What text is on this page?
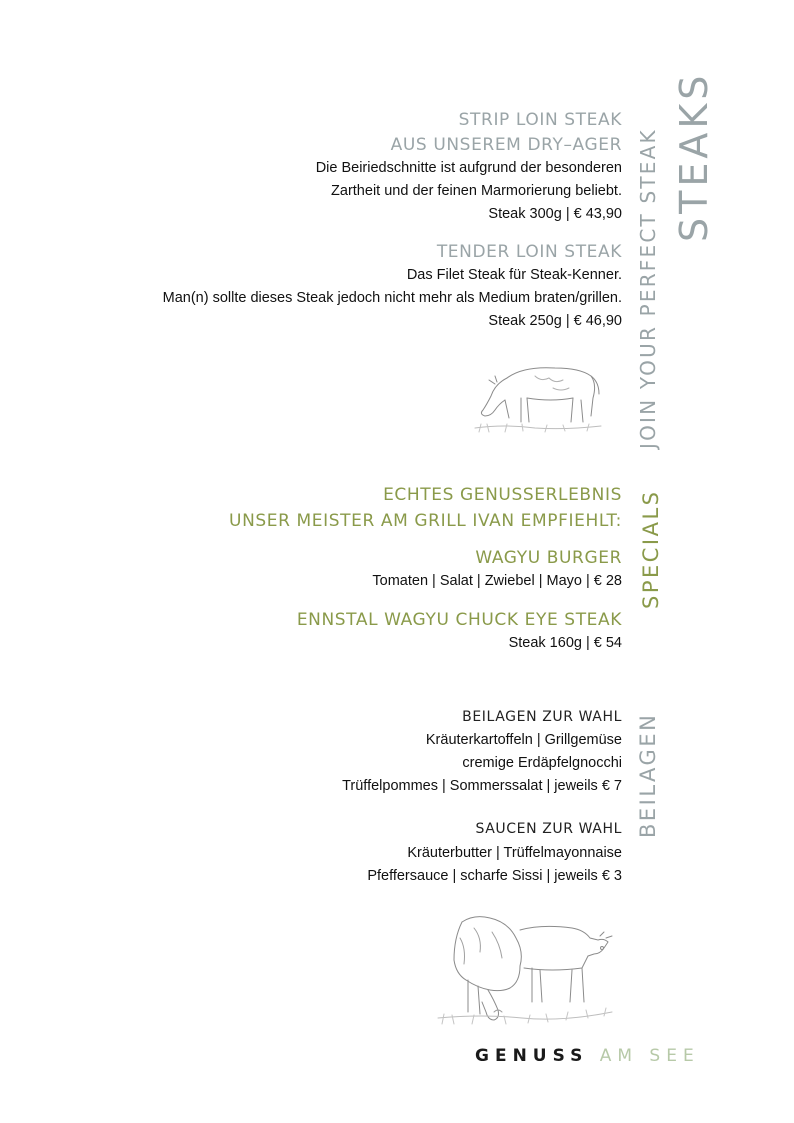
STRIP LOIN STEAK
AUS UNSEREM DRY–AGER
Die Beiriedschnitte ist aufgrund der besonderen
Zartheit und der feinen Marmorierung beliebt.
Steak 300g | € 43,90
TENDER LOIN STEAK
Das Filet Steak für Steak-Kenner.
Man(n) sollte dieses Steak jedoch nicht mehr als Medium braten/grillen.
Steak 250g | € 46,90 JOIN YOUR PERFECT STEAK STEAKS
ECHTES GENUSSERLEBNIS
UNSER MEISTER AM GRILL IVAN EMPFIEHLT:
WAGYU BURGER
Tomaten | Salat | Zwiebel | Mayo | € 28
ENNSTAL WAGYU CHUCK EYE STEAK
Steak 160g | € 54
SPECIALS
BEILAGEN ZUR WAHL
Kräuterkartoffeln | Grillgemüse
cremige Erdäpfelgnocchi
Trüffelpommes | Sommerssalat | jeweils € 7
SAUCEN ZUR WAHL
Kräuterbutter | Trüffelmayonnaise
Pfeffersauce | scharfe Sissi | jeweils € 3
BEILAGEN
GENUSS AM SEE
